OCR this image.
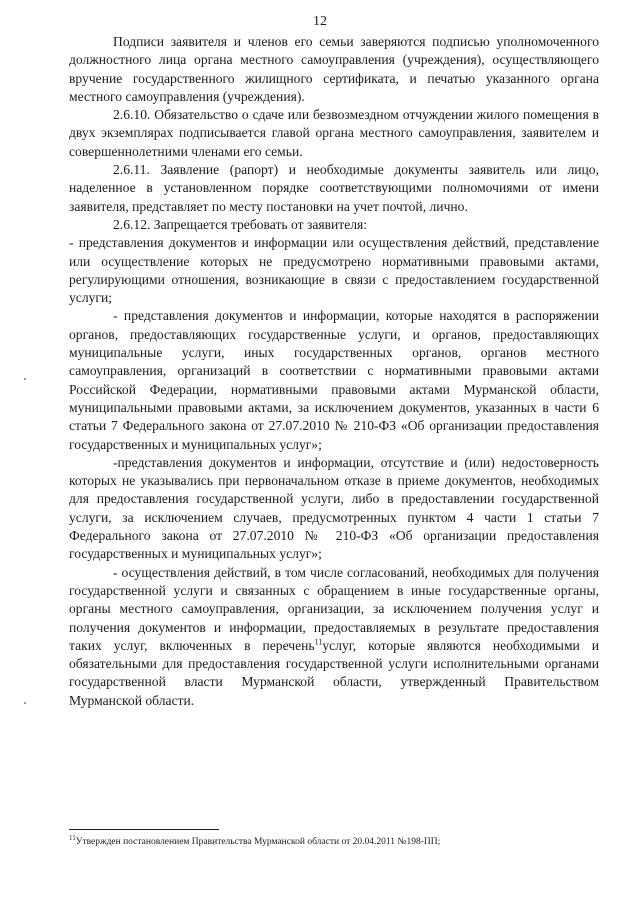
12

Подписи заявителя и членов его семьи заверяются подписью уполномоченного должностного лица органа местного самоуправления (учреждения), осуществляющего вручение государственного жилищного сертификата, и печатью указанного органа местного самоуправления (учреждения).

2.6.10. Обязательство о сдаче или безвозмездном отчуждении жилого помещения в двух экземплярах подписывается главой органа местного самоуправления, заявителем и совершеннолетними членами его семьи.

2.6.11. Заявление (рапорт) и необходимые документы заявитель или лицо, наделенное в установленном порядке соответствующими полномочиями от имени заявителя, представляет по месту постановки на учет почтой, лично.

2.6.12. Запрещается требовать от заявителя:

- представления документов и информации или осуществления действий, представление или осуществление которых не предусмотрено нормативными правовыми актами, регулирующими отношения, возникающие в связи с предоставлением государственной услуги;

- представления документов и информации, которые находятся в распоряжении органов, предоставляющих государственные услуги, и органов, предоставляющих муниципальные услуги, иных государственных органов, органов местного самоуправления, организаций в соответствии с нормативными правовыми актами Российской Федерации, нормативными правовыми актами Мурманской области, муниципальными правовыми актами, за исключением документов, указанных в части 6 статьи 7 Федерального закона от 27.07.2010 № 210-ФЗ «Об организации предоставления государственных и муниципальных услуг»;

-представления документов и информации, отсутствие и (или) недостоверность которых не указывались при первоначальном отказе в приеме документов, необходимых для предоставления государственной услуги, либо в предоставлении государственной услуги, за исключением случаев, предусмотренных пунктом 4 части 1 статьи 7 Федерального закона от 27.07.2010 № 210-ФЗ «Об организации предоставления государственных и муниципальных услуг»;

- осуществления действий, в том числе согласований, необходимых для получения государственной услуги и связанных с обращением в иные государственные органы, органы местного самоуправления, организации, за исключением получения услуг и получения документов и информации, предоставляемых в результате предоставления таких услуг, включенных в перечень$^{11}$услуг, которые являются необходимыми и обязательными для предоставления государственной услуги исполнительными органами государственной власти Мурманской области, утвержденный Правительством Мурманской области.

$^{11}$Утвержден постановлением Правительства Мурманской области от 20.04.2011 №198-ПП;
